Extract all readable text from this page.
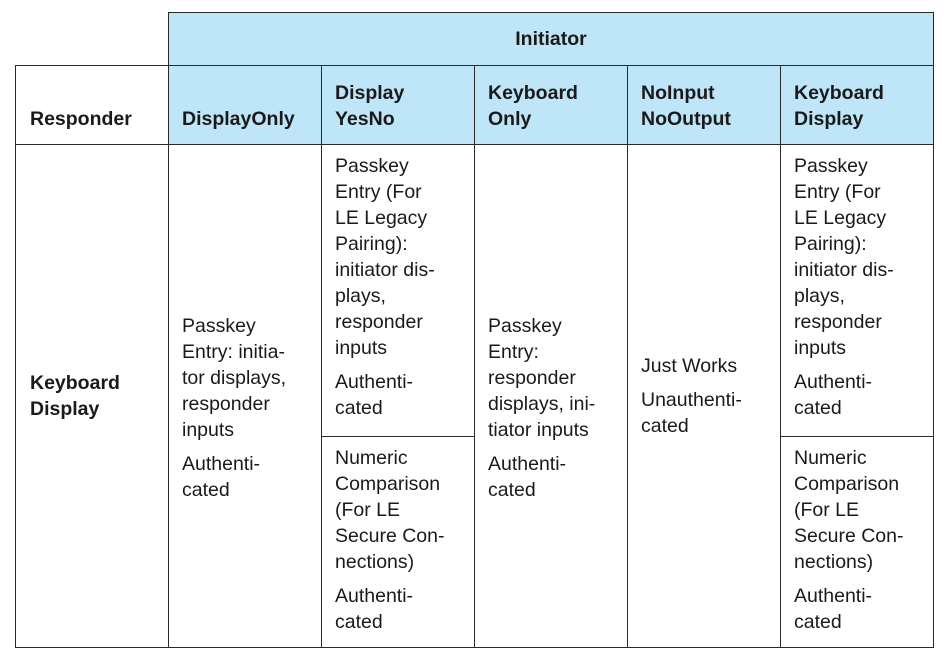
Initiator
Responder	DisplayOnly
Display
YesNo
Keyboard
Only
NoInput
NoOutput
Keyboard
Display
Keyboard
Display
Passkey
Entry: initia-
tor displays,
responder
inputs
Authenti-
cated
Passkey
Entry (For
LE Legacy
Pairing):
initiator dis-
plays,
responder
inputs
Authenti-
cated
Numeric
Comparison
(For LE
Secure Con-
nections)
Authenti-
cated
Passkey
Entry:
responder
displays, ini-
tiator inputs
Authenti-
cated
Just Works
Unauthenti-
cated
Passkey
Entry (For
LE Legacy
Pairing):
initiator dis-
plays,
responder
inputs
Authenti-
cated
Numeric
Comparison
(For LE
Secure Con-
nections)
Authenti-
cated
